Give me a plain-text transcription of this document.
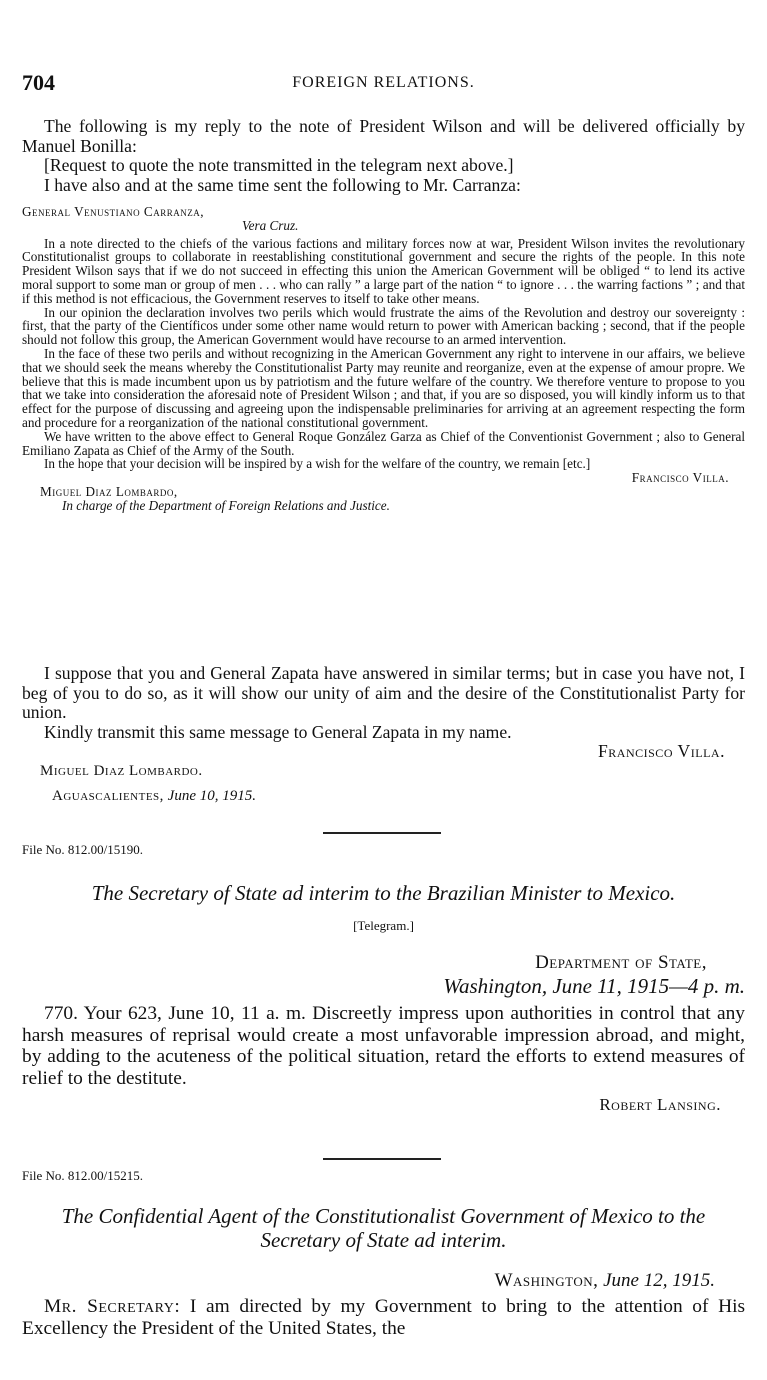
704	FOREIGN RELATIONS.

The following is my reply to the note of President Wilson and will be delivered officially by Manuel Bonilla:

[Request to quote the note transmitted in the telegram next above.]

I have also and at the same time sent the following to Mr. Carranza:

General Venustiano Carranza,

Vera Cruz.

In a note directed to the chiefs of the various factions and military forces now at war, President Wilson invites the revolutionary Constitutionalist groups to collaborate in reestablishing constitutional government and secure the rights of the people. In this note President Wilson says that if we do not succeed in effecting this union the American Government will be obliged “ to lend its active moral support to some man or group of men . . . who can rally ” a large part of the nation “ to ignore . . . the warring factions ” ; and that if this method is not efficacious, the Government reserves to itself to take other means.

In our opinion the declaration involves two perils which would frustrate the aims of the Revolution and destroy our sovereignty : first, that the party of the Científicos under some other name would return to power with American backing ; second, that if the people should not follow this group, the American Government would have recourse to an armed intervention.

In the face of these two perils and without recognizing in the American Government any right to intervene in our affairs, we believe that we should seek the means whereby the Constitutionalist Party may reunite and reorganize, even at the expense of amour propre. We believe that this is made incumbent upon us by patriotism and the future welfare of the country. We therefore venture to propose to you that we take into consideration the aforesaid note of President Wilson ; and that, if you are so disposed, you will kindly inform us to that effect for the purpose of discussing and agreeing upon the indispensable preliminaries for arriving at an agreement respecting the form and procedure for a reorganization of the national constitutional government.

We have written to the above effect to General Roque González Garza as Chief of the Conventionist Government ; also to General Emiliano Zapata as Chief of the Army of the South.

In the hope that your decision will be inspired by a wish for the welfare of the country, we remain [etc.]

Francisco Villa.

Miguel Diaz Lombardo,

In charge of the Department of Foreign Relations and Justice.

I suppose that you and General Zapata have answered in similar terms; but in case you have not, I beg of you to do so, as it will show our unity of aim and the desire of the Constitutionalist Party for union.

Kindly transmit this same message to General Zapata in my name.

Francisco Villa.

Miguel Diaz Lombardo.

Aguascalientes, June 10, 1915.

File No. 812.00/15190.

The Secretary of State ad interim to the Brazilian Minister to Mexico.

[Telegram.]

Department of State,

Washington, June 11, 1915—4 p. m.

770. Your 623, June 10, 11 a. m. Discreetly impress upon authorities in control that any harsh measures of reprisal would create a most unfavorable impression abroad, and might, by adding to the acuteness of the political situation, retard the efforts to extend measures of relief to the destitute.

Robert Lansing.

File No. 812.00/15215.

The Confidential Agent of the Constitutionalist Government of Mexico to the Secretary of State ad interim.

Washington, June 12, 1915.

Mr. Secretary: I am directed by my Government to bring to the attention of His Excellency the President of the United States, the
